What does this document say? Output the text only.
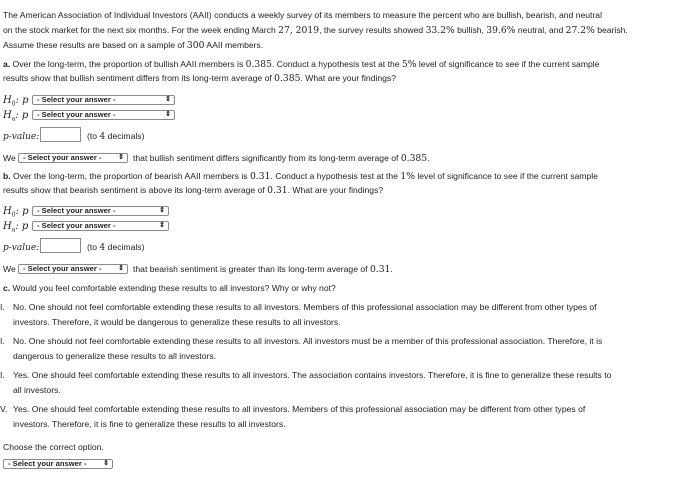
The American Association of Individual Investors (AAII) conducts a weekly survey of its members to measure the percent who are bullish, bearish, and neutral
on the stock market for the next six months. For the week ending March 27, 2019, the survey results showed 33.2% bullish, 39.6% neutral, and 27.2% bearish.
Assume these results are based on a sample of 300 AAII members.
a. Over the long-term, the proportion of bullish AAII members is 0.385. Conduct a hypothesis test at the 5% level of significance to see if the current sample
results show that bullish sentiment differs from its long-term average of 0.385. What are your findings?
$H_0$: p	- Select your answer -	⇕
$H_a$: p	- Select your answer -	⇕
p-value:	(to 4 decimals)
We - Select your answer - ⇕ that bullish sentiment differs significantly from its long-term average of 0.385.
b. Over the long-term, the proportion of bearish AAII members is 0.31. Conduct a hypothesis test at the 1% level of significance to see if the current sample
results show that bearish sentiment is above its long-term average of 0.31. What are your findings?
$H_0$: p	- Select your answer -	⇕
$H_a$: p	- Select your answer -	⇕
p-value:	(to 4 decimals)
We - Select your answer - ⇕ that bearish sentiment is greater than its long-term average of 0.31.
c. Would you feel comfortable extending these results to all investors? Why or why not?
I. No. One should not feel comfortable extending these results to all investors. Members of this professional association may be different from other types of
investors. Therefore, it would be dangerous to generalize these results to all investors.
I. No. One should not feel comfortable extending these results to all investors. All investors must be a member of this professional association. Therefore, it is
dangerous to generalize these results to all investors.
I. Yes. One should feel comfortable extending these results to all investors. The association contains investors. Therefore, it is fine to generalize these results to
all investors.
V. Yes. One should feel comfortable extending these results to all investors. Members of this professional association may be different from other types of
investors. Therefore, it is fine to generalize these results to all investors.
Choose the correct option.
- Select your answer - ⇕
